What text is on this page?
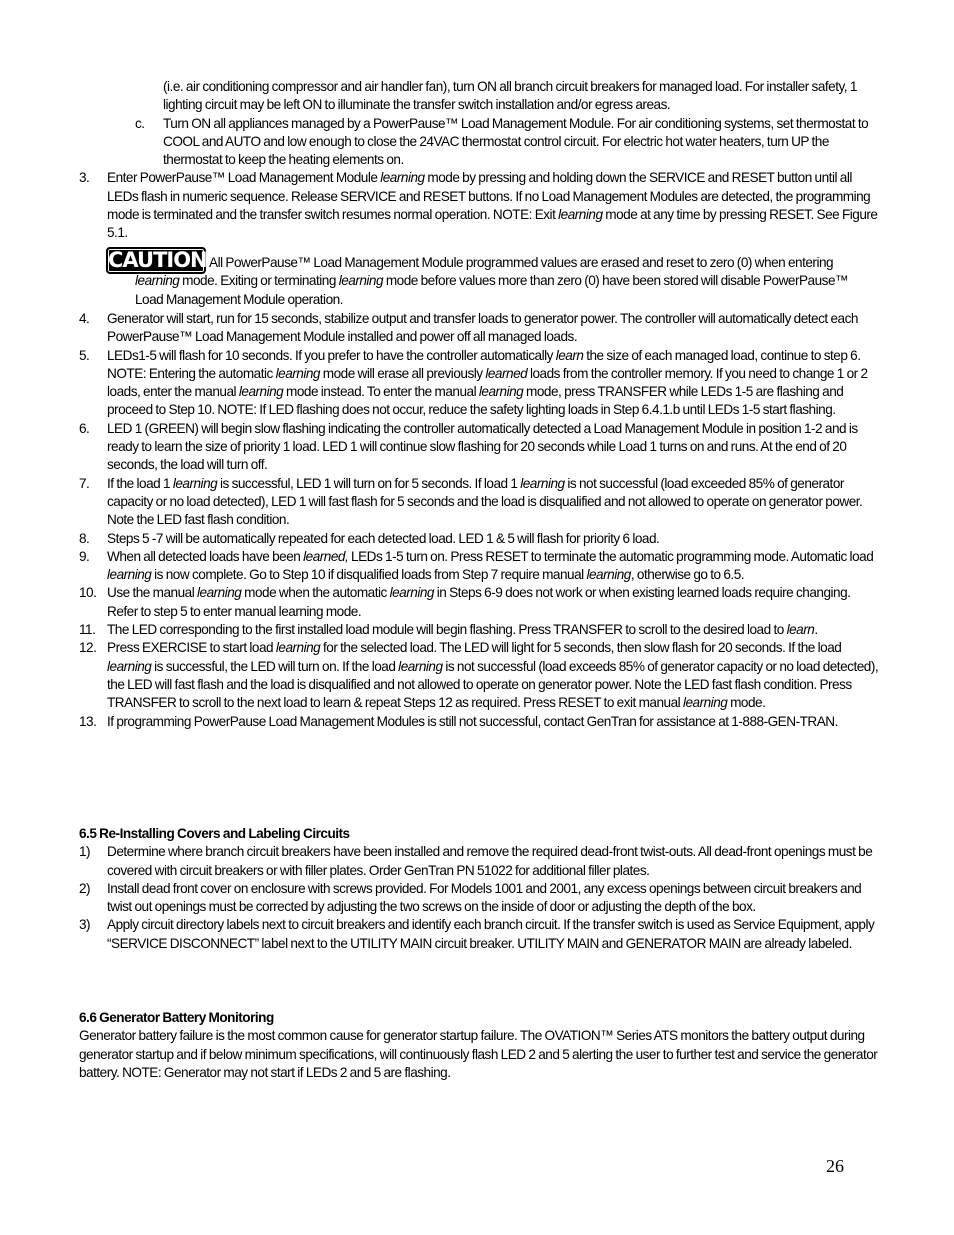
(i.e. air conditioning compressor and air handler fan), turn ON all branch circuit breakers for managed load. For installer safety, 1 lighting circuit may be left ON to illuminate the transfer switch installation and/or egress areas.
c. Turn ON all appliances managed by a PowerPause™ Load Management Module. For air conditioning systems, set thermostat to COOL and AUTO and low enough to close the 24VAC thermostat control circuit. For electric hot water heaters, turn UP the thermostat to keep the heating elements on.
3. Enter PowerPause™ Load Management Module learning mode by pressing and holding down the SERVICE and RESET button until all LEDs flash in numeric sequence. Release SERVICE and RESET buttons. If no Load Management Modules are detected, the programming mode is terminated and the transfer switch resumes normal operation. NOTE: Exit learning mode at any time by pressing RESET. See Figure 5.1.
CAUTION All PowerPause™ Load Management Module programmed values are erased and reset to zero (0) when entering learning mode. Exiting or terminating learning mode before values more than zero (0) have been stored will disable PowerPause™ Load Management Module operation.
4. Generator will start, run for 15 seconds, stabilize output and transfer loads to generator power. The controller will automatically detect each PowerPause™ Load Management Module installed and power off all managed loads.
5. LEDs1-5 will flash for 10 seconds. If you prefer to have the controller automatically learn the size of each managed load, continue to step 6. NOTE: Entering the automatic learning mode will erase all previously learned loads from the controller memory. If you need to change 1 or 2 loads, enter the manual learning mode instead. To enter the manual learning mode, press TRANSFER while LEDs 1-5 are flashing and proceed to Step 10. NOTE: If LED flashing does not occur, reduce the safety lighting loads in Step 6.4.1.b until LEDs 1-5 start flashing.
6. LED 1 (GREEN) will begin slow flashing indicating the controller automatically detected a Load Management Module in position 1-2 and is ready to learn the size of priority 1 load. LED 1 will continue slow flashing for 20 seconds while Load 1 turns on and runs. At the end of 20 seconds, the load will turn off.
7. If the load 1 learning is successful, LED 1 will turn on for 5 seconds. If load 1 learning is not successful (load exceeded 85% of generator capacity or no load detected), LED 1 will fast flash for 5 seconds and the load is disqualified and not allowed to operate on generator power. Note the LED fast flash condition.
8. Steps 5 -7 will be automatically repeated for each detected load. LED 1 & 5 will flash for priority 6 load.
9. When all detected loads have been learned, LEDs 1-5 turn on. Press RESET to terminate the automatic programming mode. Automatic load learning is now complete. Go to Step 10 if disqualified loads from Step 7 require manual learning, otherwise go to 6.5.
10. Use the manual learning mode when the automatic learning in Steps 6-9 does not work or when existing learned loads require changing. Refer to step 5 to enter manual learning mode.
11. The LED corresponding to the first installed load module will begin flashing. Press TRANSFER to scroll to the desired load to learn.
12. Press EXERCISE to start load learning for the selected load. The LED will light for 5 seconds, then slow flash for 20 seconds. If the load learning is successful, the LED will turn on. If the load learning is not successful (load exceeds 85% of generator capacity or no load detected), the LED will fast flash and the load is disqualified and not allowed to operate on generator power. Note the LED fast flash condition. Press TRANSFER to scroll to the next load to learn & repeat Steps 12 as required. Press RESET to exit manual learning mode.
13. If programming PowerPause Load Management Modules is still not successful, contact GenTran for assistance at 1-888-GEN-TRAN.
6.5 Re-Installing Covers and Labeling Circuits
1) Determine where branch circuit breakers have been installed and remove the required dead-front twist-outs. All dead-front openings must be covered with circuit breakers or with filler plates. Order GenTran PN 51022 for additional filler plates.
2) Install dead front cover on enclosure with screws provided. For Models 1001 and 2001, any excess openings between circuit breakers and twist out openings must be corrected by adjusting the two screws on the inside of door or adjusting the depth of the box.
3) Apply circuit directory labels next to circuit breakers and identify each branch circuit. If the transfer switch is used as Service Equipment, apply “SERVICE DISCONNECT” label next to the UTILITY MAIN circuit breaker. UTILITY MAIN and GENERATOR MAIN are already labeled.
6.6 Generator Battery Monitoring
Generator battery failure is the most common cause for generator startup failure. The OVATION™ Series ATS monitors the battery output during generator startup and if below minimum specifications, will continuously flash LED 2 and 5 alerting the user to further test and service the generator battery. NOTE: Generator may not start if LEDs 2 and 5 are flashing.
26
